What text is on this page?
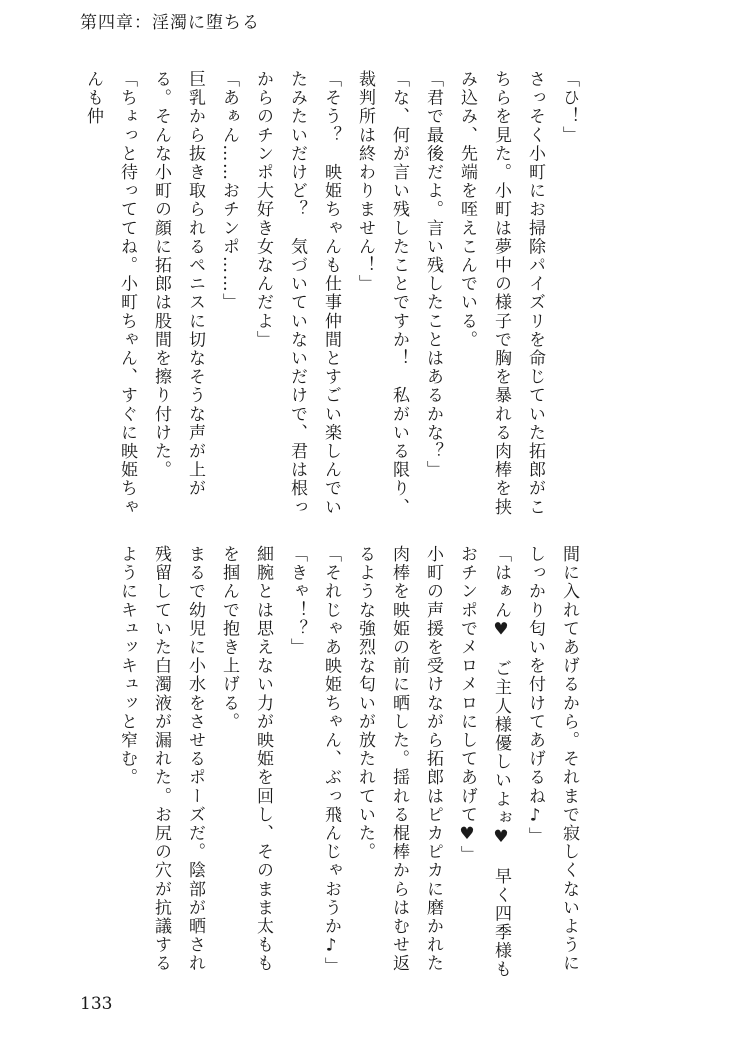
第四章：淫濁に堕ちる
「ひ！」
さっそく小町にお掃除パイズリを命じていた拓郎がこちらを見た。小町は夢中の様子で胸を暴れる肉棒を挟み込み、先端を咥えこんでいる。
「君で最後だよ。言い残したことはあるかな？」
「な、何が言い残したことですか！　私がいる限り、裁判所は終わりません！」
「そう？　映姫ちゃんも仕事仲間とすごい楽しんでいたみたいだけど？　気づいていないだけで、君は根っからのチンポ大好き女なんだよ」
「あぁん……おチンポ……」
巨乳から抜き取られるペニスに切なそうな声が上がる。そんな小町の顔に拓郎は股間を擦り付けた。
「ちょっと待っててね。小町ちゃん、すぐに映姫ちゃんも仲
間に入れてあげるから。それまで寂しくないようにしっかり匂いを付けてあげるね♪」
「はぁん♥　ご主人様優しいよぉ♥　早く四季様もおチンポでメロメロにしてあげて♥」
小町の声援を受けながら拓郎はピカピカに磨かれた肉棒を映姫の前に晒した。揺れる棍棒からはむせ返るような強烈な匂いが放たれていた。
「それじゃあ映姫ちゃん、ぶっ飛んじゃおうか♪」
「きゃ！？」
細腕とは思えない力が映姫を回し、そのまま太ももを掴んで抱き上げる。
まるで幼児に小水をさせるポーズだ。陰部が晒され残留していた白濁液が漏れた。お尻の穴が抗議するようにキュッキュッと窄む。
133
